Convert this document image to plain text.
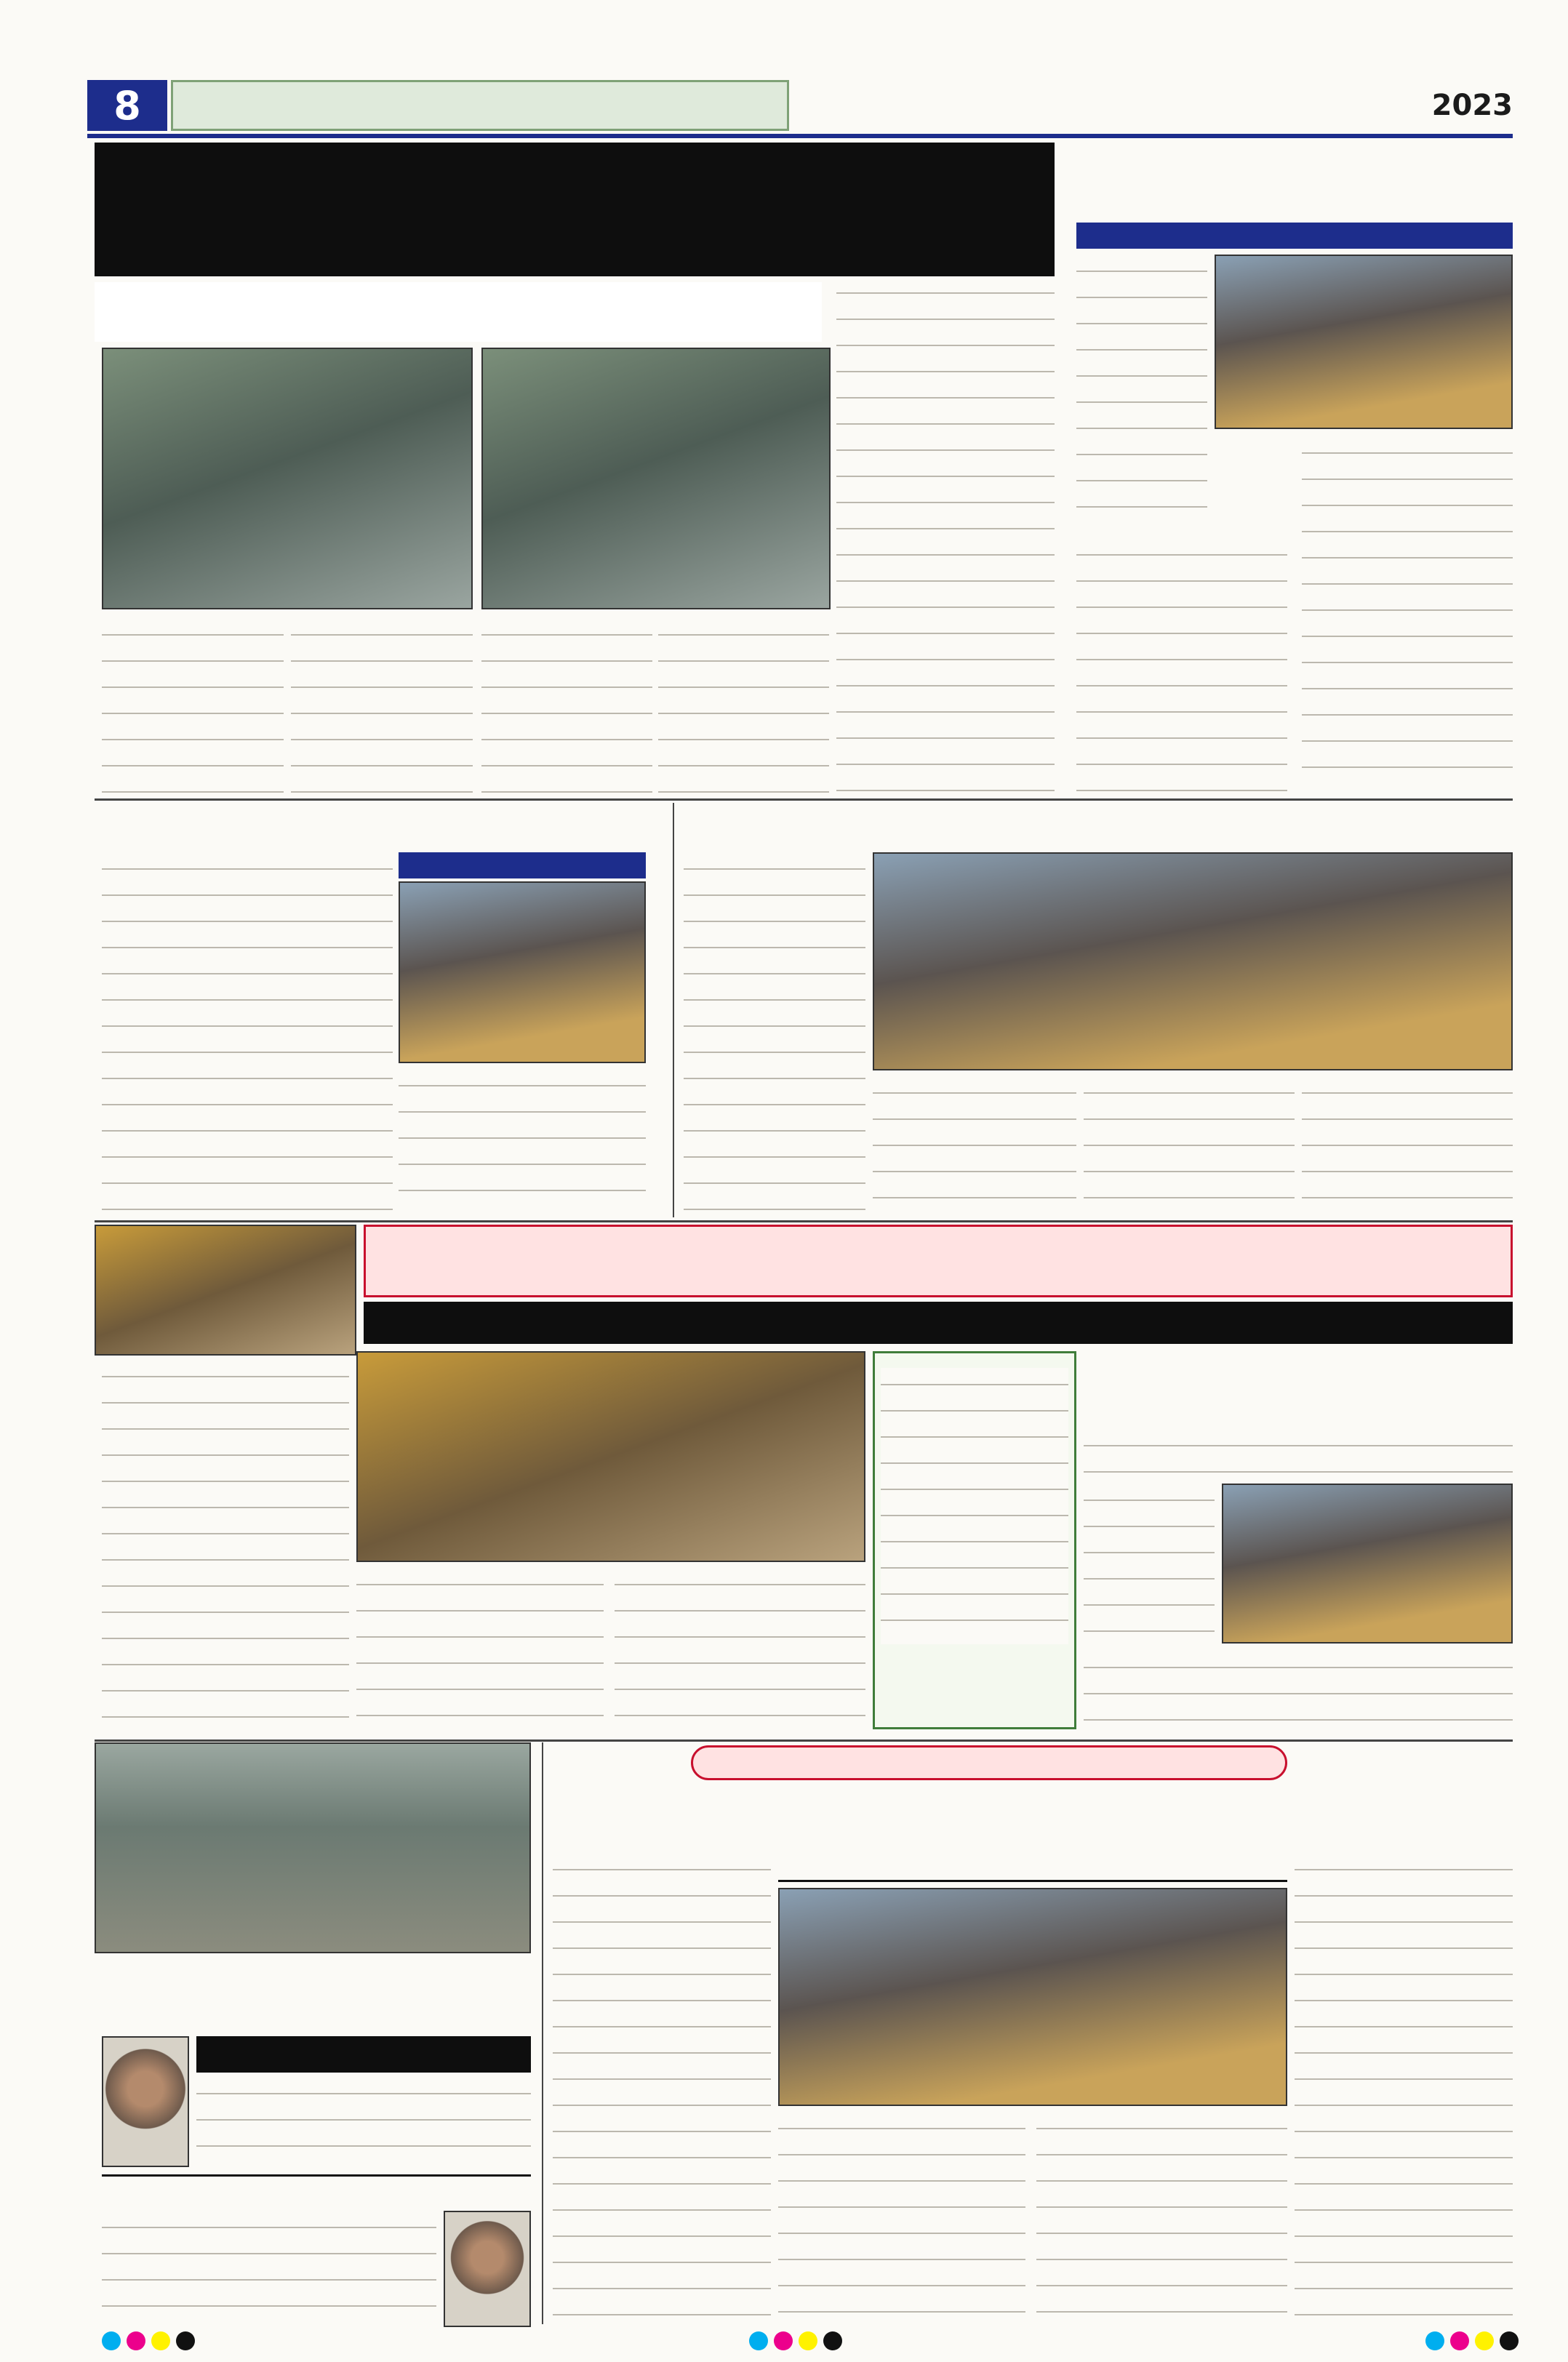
8	2023
